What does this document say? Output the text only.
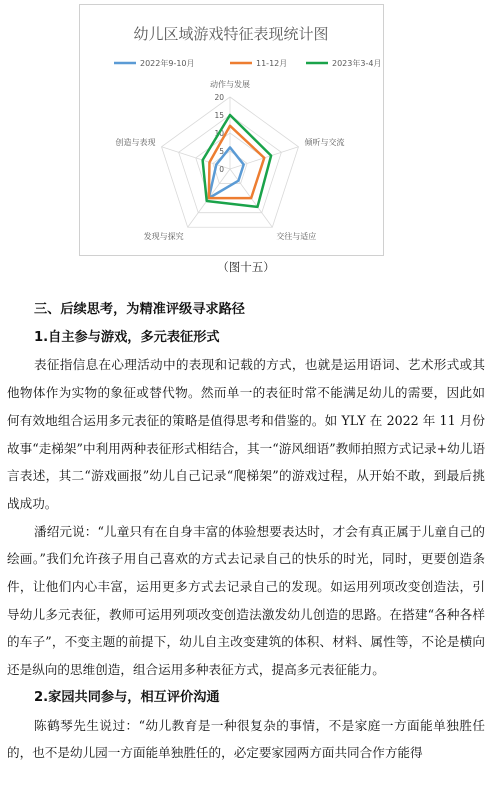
幼儿区域游戏特征表现统计图
2022年9-10月	11-12月	2023年3-4月
0
5
10
15
20
动作与发展
倾听与交流
交往与适应
发现与探究
创造与表现
（图十五）

三、后续思考，为精准评级寻求路径

1.自主参与游戏，多元表征形式

表征指信息在心理活动中的表现和记载的方式，也就是运用语词、艺术形式或其他物体作为实物的象征或替代物。然而单一的表征时常不能满足幼儿的需要，因此如何有效地组合运用多元表征的策略是值得思考和借鉴的。如 YLY 在 2022 年 11 月份故事“走梯架”中利用两种表征形式相结合，其一“游风细语”教师拍照方式记录+幼儿语言表述，其二“游戏画报”幼儿自己记录“爬梯架”的游戏过程，从开始不敢，到最后挑战成功。

潘绍元说：“儿童只有在自身丰富的体验想要表达时，才会有真正属于儿童自己的绘画。”我们允许孩子用自己喜欢的方式去记录自己的快乐的时光，同时，更要创造条件，让他们内心丰富，运用更多方式去记录自己的发现。如运用列项改变创造法，引导幼儿多元表征，教师可运用列项改变创造法激发幼儿创造的思路。在搭建“各种各样的车子”，不变主题的前提下，幼儿自主改变建筑的体积、材料、属性等，不论是横向还是纵向的思维创造，组合运用多种表征方式，提高多元表征能力。

2.家园共同参与，相互评价沟通

陈鹤琴先生说过：“幼儿教育是一种很复杂的事情，不是家庭一方面能单独胜任的，也不是幼儿园一方面能单独胜任的，必定要家园两方面共同合作方能得
